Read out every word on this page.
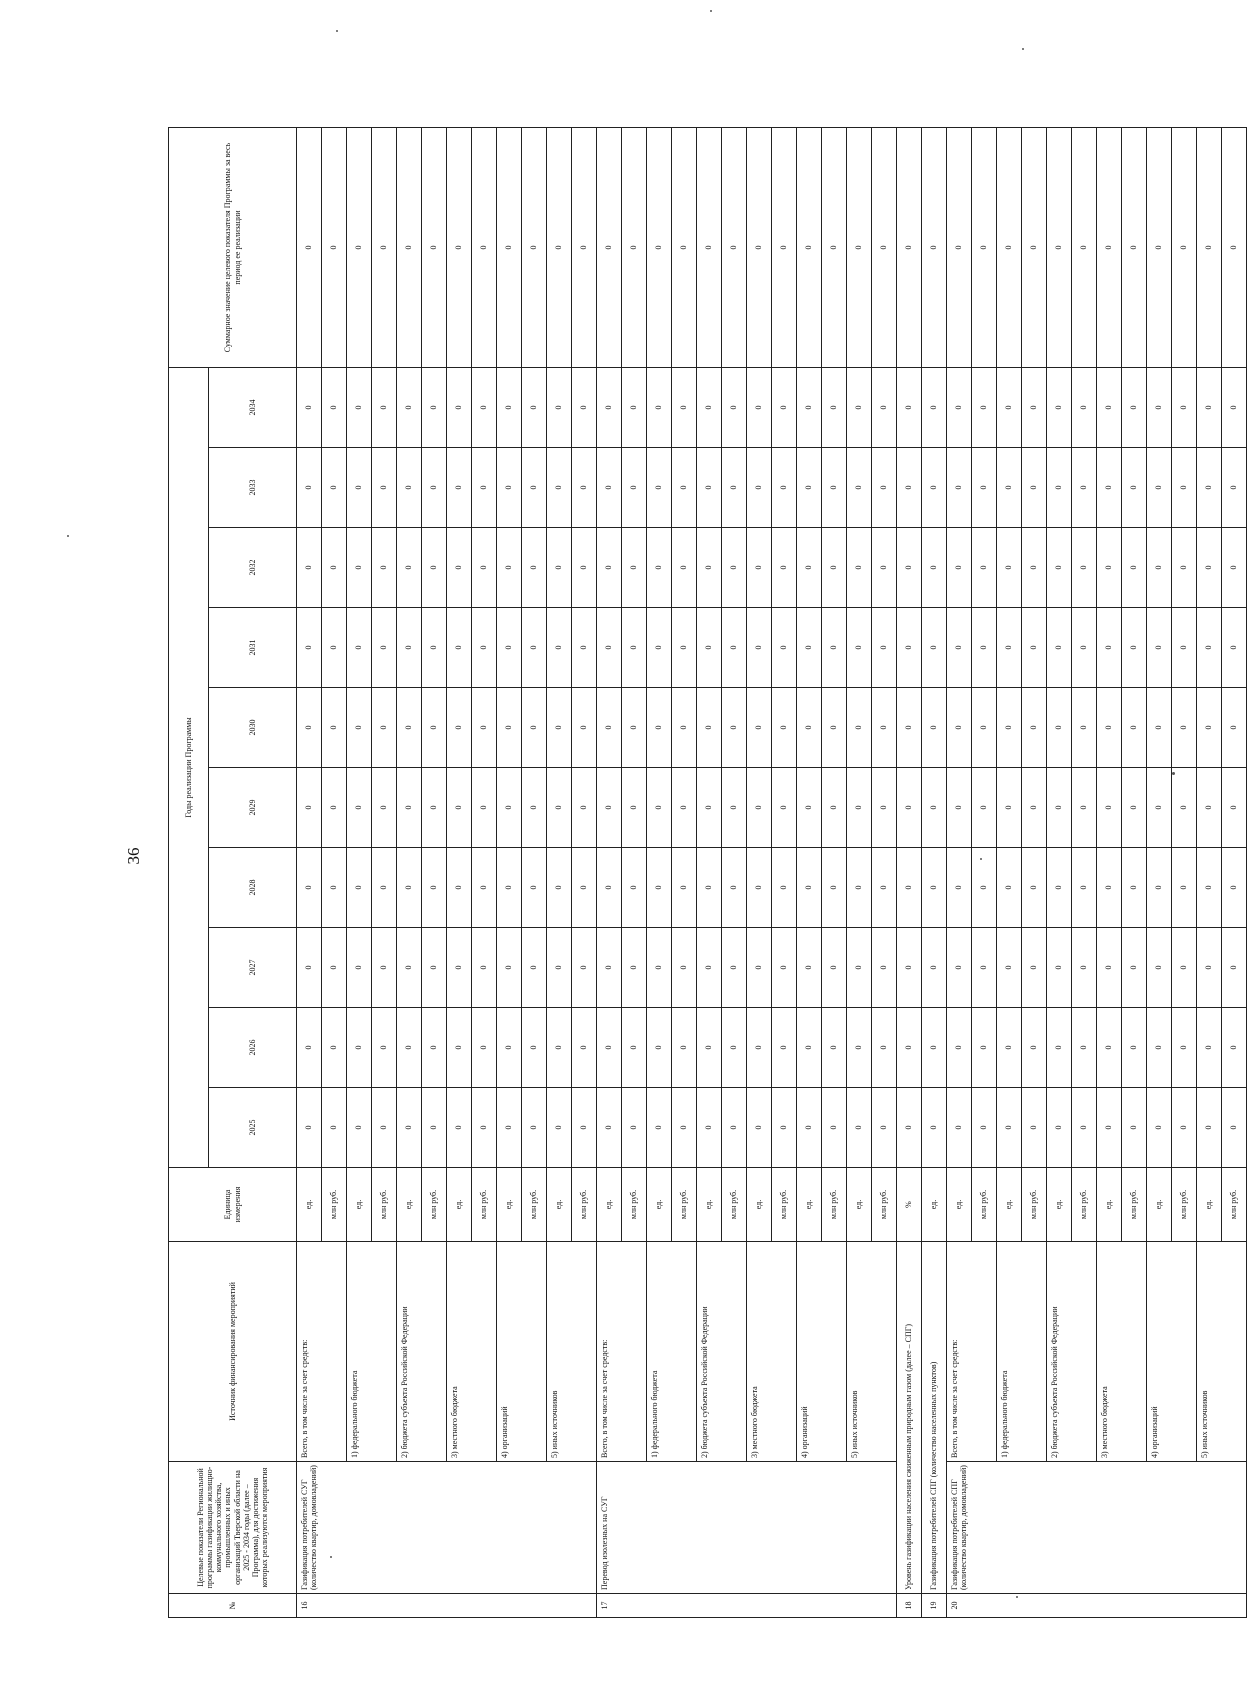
36
№	Целевые показатели Региональной программы газификации жилищно-коммунального хозяйства, промышленных и иных организаций Тверской области на 2025 - 2034 годы (далее – Программа), для достижения которых реализуются мероприятия	Источник финансирования мероприятий	Единица измерения	Годы реализации Программы										Суммарное значение целевого показателя Программы за весь период ее реализации
				2025	2026	2027	2028	2029	2030	2031	2032	2033	2034	
16	Газификация потребителей СУГ (количество квартир, домовладений)	Всего, в том числе за счет средств:	ед.	0	0	0	0	0	0	0	0	0	0	0
			млн руб.	0	0	0	0	0	0	0	0	0	0	0
		1) федерального бюджета	ед.	0	0	0	0	0	0	0	0	0	0	0
			млн руб.	0	0	0	0	0	0	0	0	0	0	0
		2) бюджета субъекта Российской Федерации	ед.	0	0	0	0	0	0	0	0	0	0	0
			млн руб.	0	0	0	0	0	0	0	0	0	0	0
		3) местного бюджета	ед.	0	0	0	0	0	0	0	0	0	0	0
			млн руб.	0	0	0	0	0	0	0	0	0	0	0
		4) организаций	ед.	0	0	0	0	0	0	0	0	0	0	0
			млн руб.	0	0	0	0	0	0	0	0	0	0	0
		5) иных источников	ед.	0	0	0	0	0	0	0	0	0	0	0
			млн руб.	0	0	0	0	0	0	0	0	0	0	0
17	Перевод изолезных на СУГ	Всего, в том числе за счет средств:	ед.	0	0	0	0	0	0	0	0	0	0	0
			млн руб.	0	0	0	0	0	0	0	0	0	0	0
		1) федерального бюджета	ед.	0	0	0	0	0	0	0	0	0	0	0
			млн руб.	0	0	0	0	0	0	0	0	0	0	0
		2) бюджета субъекта Российской Федерации	ед.	0	0	0	0	0	0	0	0	0	0	0
			млн руб.	0	0	0	0	0	0	0	0	0	0	0
		3) местного бюджета	ед.	0	0	0	0	0	0	0	0	0	0	0
			млн руб.	0	0	0	0	0	0	0	0	0	0	0
		4) организаций	ед.	0	0	0	0	0	0	0	0	0	0	0
			млн руб.	0	0	0	0	0	0	0	0	0	0	0
		5) иных источников	ед.	0	0	0	0	0	0	0	0	0	0	0
			млн руб.	0	0	0	0	0	0	0	0	0	0	0
18	Уровень газификации населения сжиженным природным газом (далее – СПГ)		%	0	0	0	0	0	0	0	0	0	0	0
19	Газификация потребителей СПГ (количество населенных пунктов)		ед.	0	0	0	0	0	0	0	0	0	0	0
20	Газификация потребителей СПГ (количество квартир, домовладений)	Всего, в том числе за счет средств:	ед.	0	0	0	0	0	0	0	0	0	0	0
			млн руб.	0	0	0	0	0	0	0	0	0	0	0
		1) федерального бюджета	ед.	0	0	0	0	0	0	0	0	0	0	0
			млн руб.	0	0	0	0	0	0	0	0	0	0	0
		2) бюджета субъекта Российской Федерации	ед.	0	0	0	0	0	0	0	0	0	0	0
			млн руб.	0	0	0	0	0	0	0	0	0	0	0
		3) местного бюджета	ед.	0	0	0	0	0	0	0	0	0	0	0
			млн руб.	0	0	0	0	0	0	0	0	0	0	0
		4) организаций	ед.	0	0	0	0	0	0	0	0	0	0	0
			млн руб.	0	0	0	0	0	0	0	0	0	0	0
		5) иных источников	ед.	0	0	0	0	0	0	0	0	0	0	0
			млн руб.	0	0	0	0	0	0	0	0	0	0	0
